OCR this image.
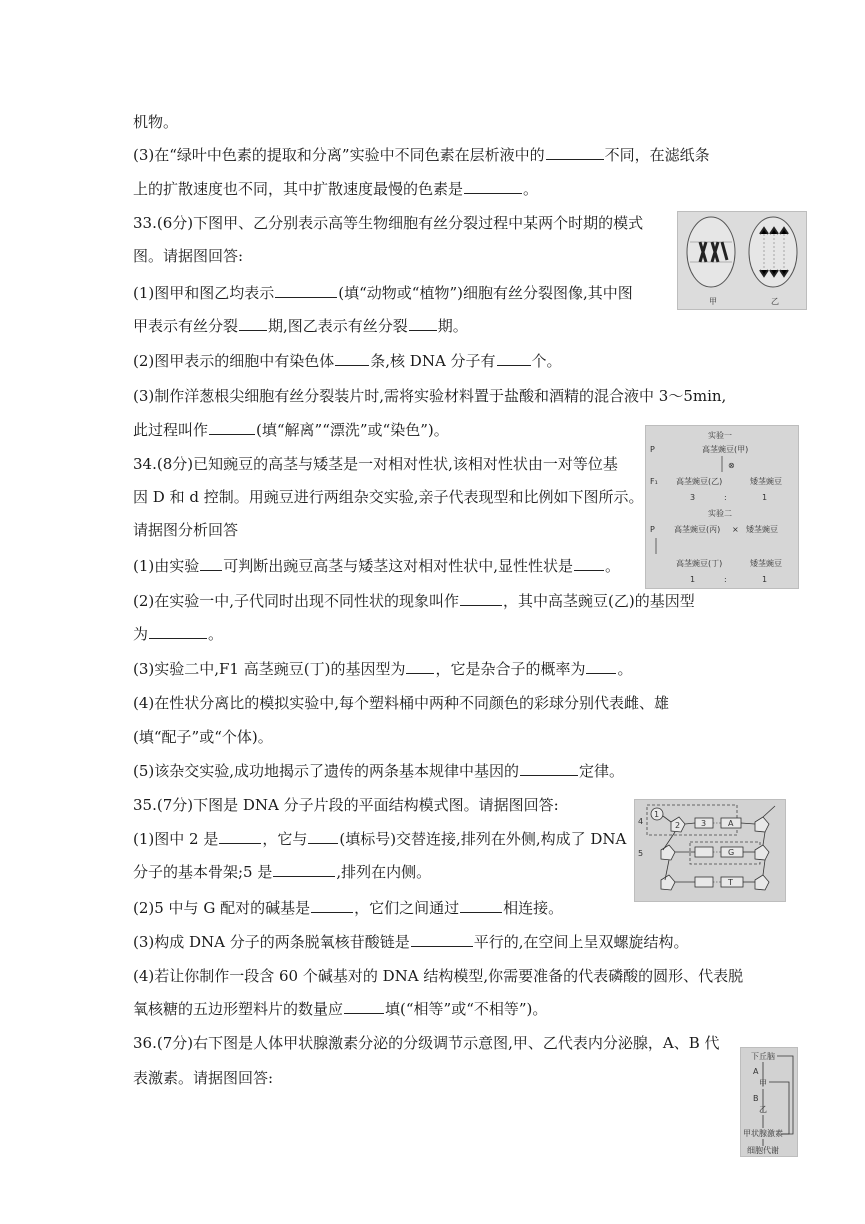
机物。
(3)在“绿叶中色素的提取和分离”实验中不同色素在层析液中的	不同，在滤纸条
上的扩散速度也不同，其中扩散速度最慢的色素是	。
33.(6分)下图甲、乙分别表示高等生物细胞有丝分裂过程中某两个时期的模式
图。请据图回答:
(1)图甲和图乙均表示	(填“动物或“植物”)细胞有丝分裂图像,其中图
甲表示有丝分裂 期,图乙表示有丝分裂 期。
(2)图甲表示的细胞中有染色体 条,核 DNA 分子有 个。
(3)制作洋葱根尖细胞有丝分裂装片时,需将实验材料置于盐酸和酒精的混合液中 3～5min,
此过程叫作	(填“解离”“漂洗”或“染色”)。
34.(8分)已知豌豆的高茎与矮茎是一对相对性状,该相对性状由一对等位基
因 D 和 d 控制。用豌豆进行两组杂交实验,亲子代表现型和比例如下图所示。
请据图分析回答
(1)由实验 可判断出豌豆高茎与矮茎这对相对性状中,显性性状是 。
(2)在实验一中,子代同时出现不同性状的现象叫作	，其中高茎豌豆(乙)的基因型
为	。
(3)实验二中,F1 高茎豌豆(丁)的基因型为 ，它是杂合子的概率为 。
(4)在性状分离比的模拟实验中,每个塑料桶中两种不同颜色的彩球分别代表雌、雄
(填“配子”或“个体)。
(5)该杂交实验,成功地揭示了遗传的两条基本规律中基因的	定律。
35.(7分)下图是 DNA 分子片段的平面结构模式图。请据图回答:
(1)图中 2 是	，它与 (填标号)交替连接,排列在外侧,构成了 DNA
分子的基本骨架;5 是	,排列在内侧。
(2)5 中与 G 配对的碱基是	，它们之间通过	相连接。
(3)构成 DNA 分子的两条脱氧核苷酸链是	平行的,在空间上呈双螺旋结构。
(4)若让你制作一段含 60 个碱基对的 DNA 结构模型,你需要准备的代表磷酸的圆形、代表脱
氧核糖的五边形塑料片的数量应	填(“相等”或“不相等”)。
36.(7分)右下图是人体甲状腺激素分泌的分级调节示意图,甲、乙代表内分泌腺，A、B 代
表激素。请据图回答:
甲	乙
实验一
P	高茎豌豆(甲)
⊗
F₁ 高茎豌豆(乙)	矮茎豌豆
3	:	1
实验二
P 高茎豌豆(丙) × 矮茎豌豆
高茎豌豆(丁)	矮茎豌豆
1	:	1
1
2	3
4
5
A
G
T
下丘脑
A
甲
B
乙
甲状腺激素
细胞代谢
